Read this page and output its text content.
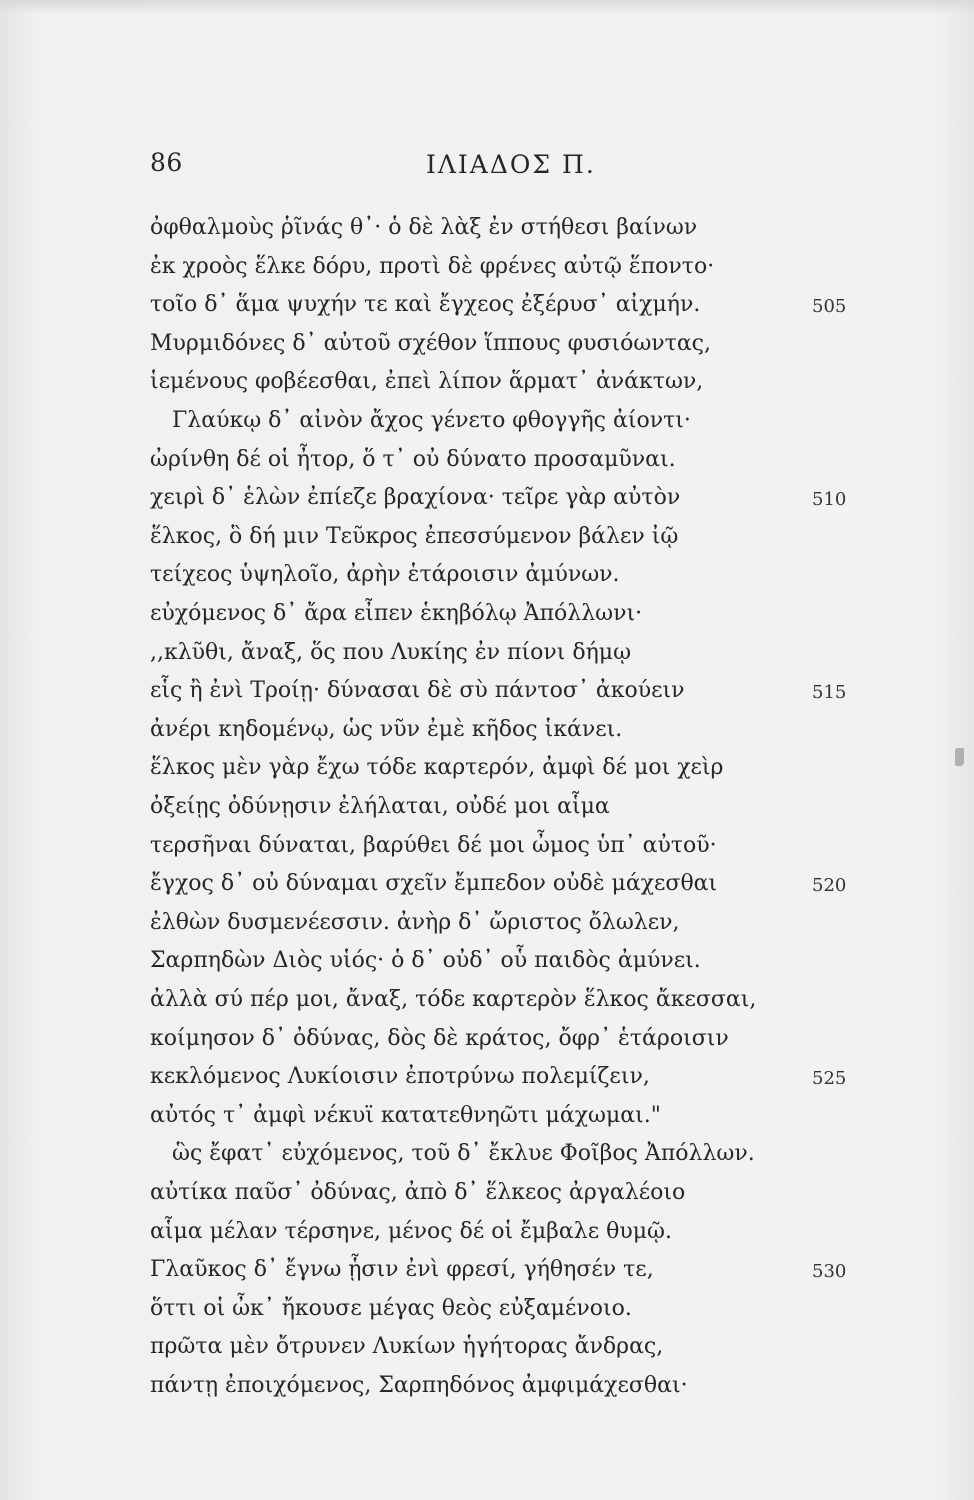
86	ΙΛΙΑΔΟΣ Π.
ὀφθαλμοὺς ῥῖνάς θ᾽· ὁ δὲ λὰξ ἐν στήθεσι βαίνων
ἐκ χροὸς ἕλκε δόρυ, προτὶ δὲ φρένες αὐτῷ ἕποντο·
τοῖο δ᾽ ἅμα ψυχήν τε καὶ ἔγχεος ἐξέρυσ᾽ αἰχμήν.	505
Μυρμιδόνες δ᾽ αὐτοῦ σχέθον ἵππους φυσιόωντας,
ἱεμένους φοβέεσθαι, ἐπεὶ λίπον ἅρματ᾽ ἀνάκτων,
Γλαύκῳ δ᾽ αἰνὸν ἄχος γένετο φθογγῆς ἀίοντι·
ὠρίνθη δέ οἱ ἦτορ, ὅ τ᾽ οὐ δύνατο προσαμῦναι.
χειρὶ δ᾽ ἑλὼν ἐπίεζε βραχίονα· τεῖρε γὰρ αὐτὸν	510
ἕλκος, ὃ δή μιν Τεῦκρος ἐπεσσύμενον βάλεν ἰῷ
τείχεος ὑψηλοῖο, ἀρὴν ἑτάροισιν ἀμύνων.
εὐχόμενος δ᾽ ἄρα εἶπεν ἑκηβόλῳ Ἀπόλλωνι·
,,κλῦθι, ἄναξ, ὅς που Λυκίης ἐν πίονι δήμῳ
εἷς ἢ ἐνὶ Τροίῃ· δύνασαι δὲ σὺ πάντοσ᾽ ἀκούειν	515
ἀνέρι κηδομένῳ, ὡς νῦν ἐμὲ κῆδος ἱκάνει.
ἕλκος μὲν γὰρ ἔχω τόδε καρτερόν, ἀμφὶ δέ μοι χεὶρ
ὀξείῃς ὀδύνῃσιν ἐλήλαται, οὐδέ μοι αἷμα
τερσῆναι δύναται, βαρύθει δέ μοι ὦμος ὑπ᾽ αὐτοῦ·
ἔγχος δ᾽ οὐ δύναμαι σχεῖν ἔμπεδον οὐδὲ μάχεσθαι	520
ἐλθὼν δυσμενέεσσιν. ἀνὴρ δ᾽ ὤριστος ὄλωλεν,
Σαρπηδὼν Διὸς υἱός· ὁ δ᾽ οὐδ᾽ οὗ παιδὸς ἀμύνει.
ἀλλὰ σύ πέρ μοι, ἄναξ, τόδε καρτερὸν ἕλκος ἄκεσσαι,
κοίμησον δ᾽ ὀδύνας, δὸς δὲ κράτος, ὄφρ᾽ ἑτάροισιν
κεκλόμενος Λυκίοισιν ἐποτρύνω πολεμίζειν,	525
αὐτός τ᾽ ἀμφὶ νέκυϊ κατατεθνηῶτι μάχωμαι."
ὣς ἔφατ᾽ εὐχόμενος, τοῦ δ᾽ ἔκλυε Φοῖβος Ἀπόλλων.
αὐτίκα παῦσ᾽ ὀδύνας, ἀπὸ δ᾽ ἕλκεος ἀργαλέοιο
αἷμα μέλαν τέρσηνε, μένος δέ οἱ ἔμβαλε θυμῷ.
Γλαῦκος δ᾽ ἔγνω ᾗσιν ἐνὶ φρεσί, γήθησέν τε,	530
ὅττι οἱ ὦκ᾽ ἤκουσε μέγας θεὸς εὐξαμένοιο.
πρῶτα μὲν ὄτρυνεν Λυκίων ἡγήτορας ἄνδρας,
πάντῃ ἐποιχόμενος, Σαρπηδόνος ἀμφιμάχεσθαι·
